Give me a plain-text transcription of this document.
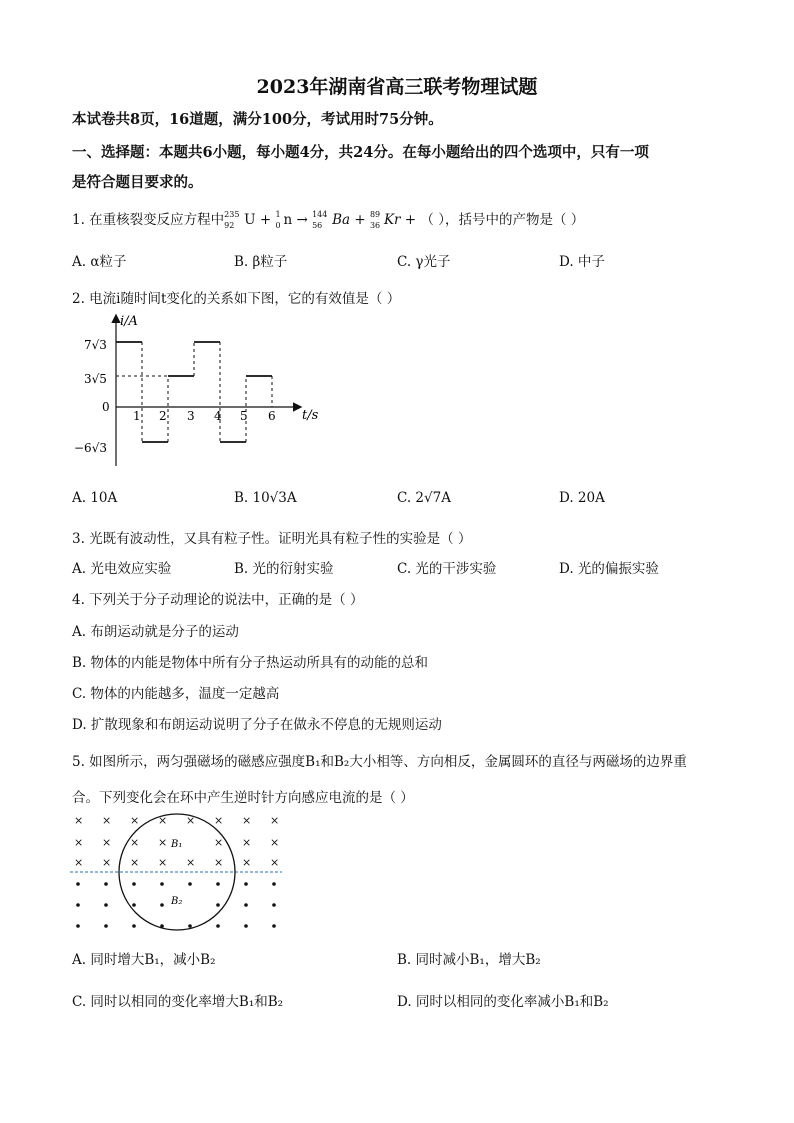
2023年湖南省高三联考物理试题
本试卷共8页，16道题，满分100分，考试用时75分钟。
一、选择题：本题共6小题，每小题4分，共24分。在每小题给出的四个选项中，只有一项
是符合题目要求的。
1. 在重核裂变反应方程中 235
92 U + 1
0 n → 144
56 Ba + 89
36 Kr + （ ），括号中的产物是（ ）
A. α粒子	B. β粒子	C. γ光子	D. 中子
2. 电流i随时间t变化的关系如下图，它的有效值是（ ）
i/A
t/s
7√3
3√5
0
−6√3
1 2 3 4 5 6
A. 10A	B. 10√3A	C. 2√7A	D. 20A
3. 光既有波动性，又具有粒子性。证明光具有粒子性的实验是（ ）
A. 光电效应实验	B. 光的衍射实验	C. 光的干涉实验	D. 光的偏振实验
4. 下列关于分子动理论的说法中，正确的是（ ）
A. 布朗运动就是分子的运动
B. 物体的内能是物体中所有分子热运动所具有的动能的总和
C. 物体的内能越多，温度一定越高
D. 扩散现象和布朗运动说明了分子在做永不停息的无规则运动
5. 如图所示，两匀强磁场的磁感应强度B₁和B₂大小相等、方向相反，金属圆环的直径与两磁场的边界重
合。下列变化会在环中产生逆时针方向感应电流的是（ ）
× × × × × × × ×
× × × ×	× × ×
× × × × × × × ×
B₁
B₂
A. 同时增大B₁，减小B₂	B. 同时减小B₁，增大B₂
C. 同时以相同的变化率增大B₁和B₂	D. 同时以相同的变化率减小B₁和B₂
